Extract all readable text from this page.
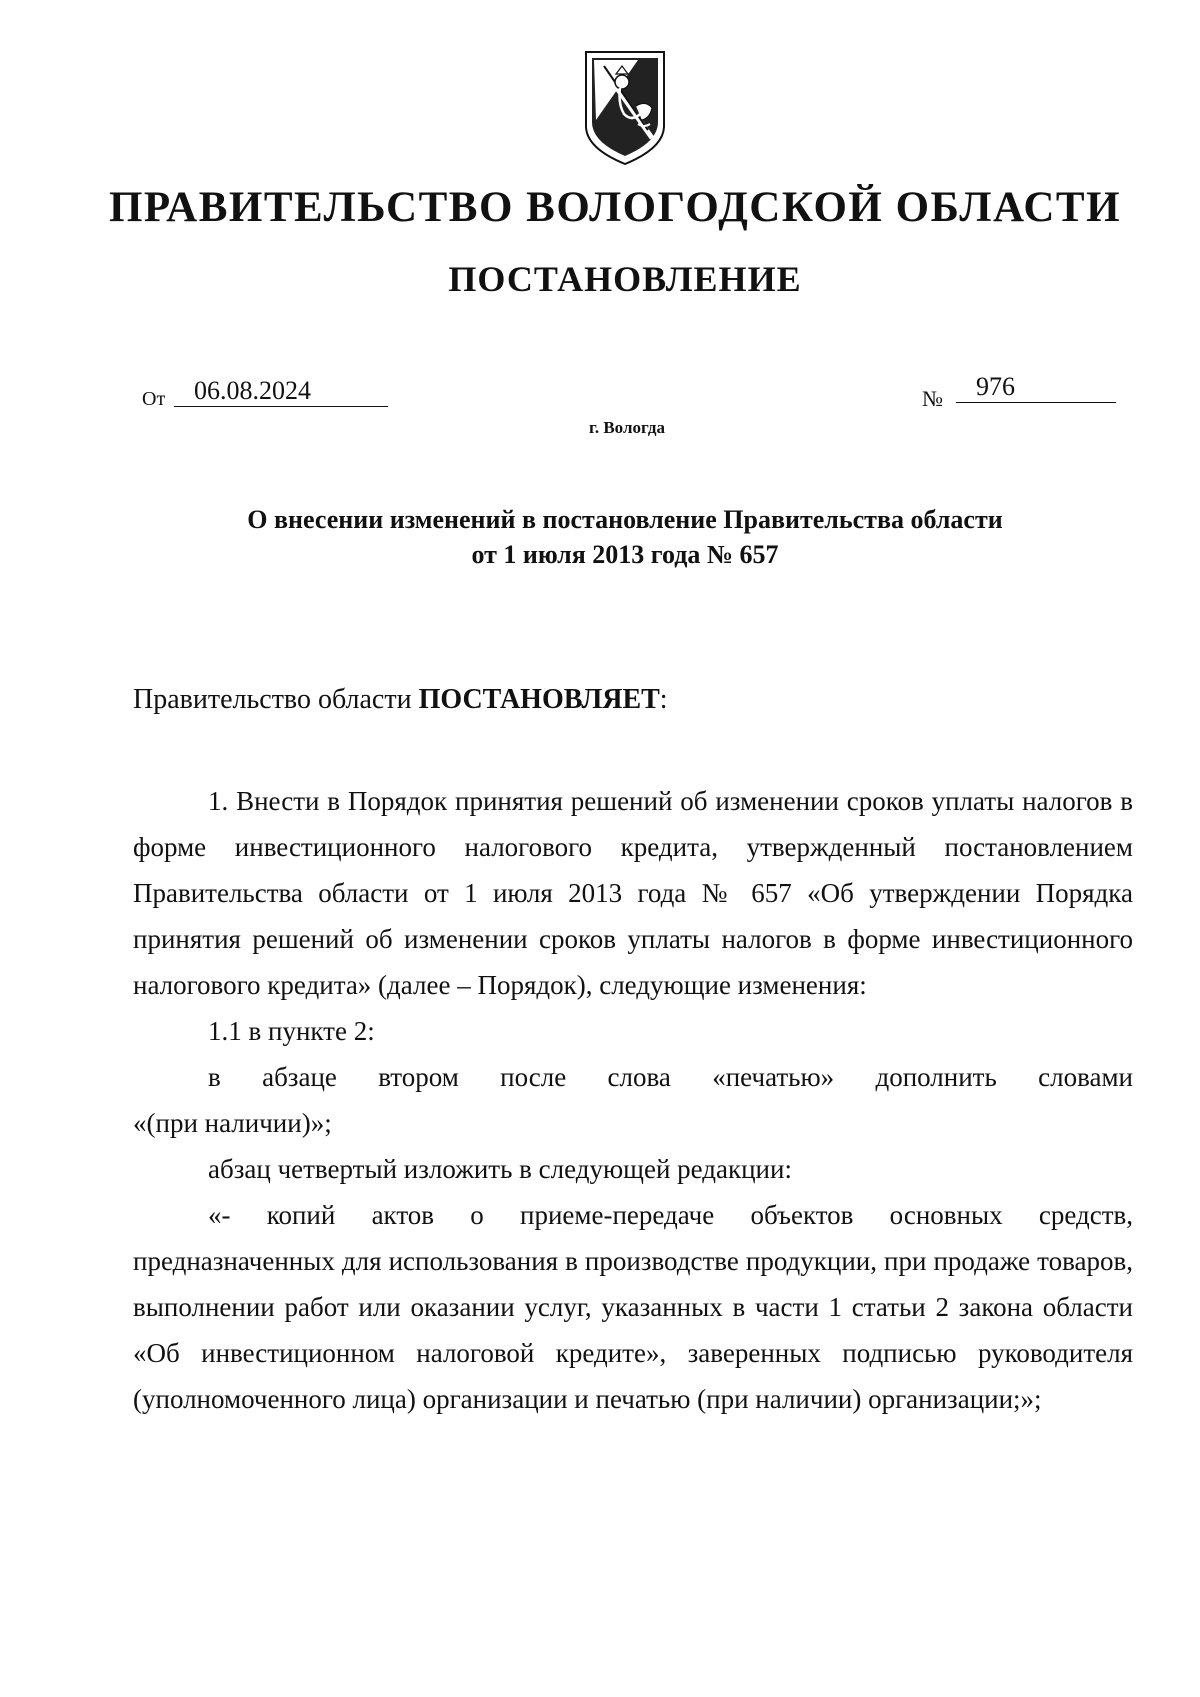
ПРАВИТЕЛЬСТВО ВОЛОГОДСКОЙ ОБЛАСТИ
ПОСТАНОВЛЕНИЕ
От	06.08.2024	№	976
г. Вологда
О внесении изменений в постановление Правительства области
от 1 июля 2013 года № 657
Правительство области ПОСТАНОВЛЯЕТ:

1. Внести в Порядок принятия решений об изменении сроков уплаты налогов в форме инвестиционного налогового кредита, утвержденный постановлением Правительства области от 1 июля 2013 года № 657 «Об утверждении Порядка принятия решений об изменении сроков уплаты налогов в форме инвестиционного налогового кредита» (далее – Порядок), следующие изменения:

1.1 в пункте 2:

в абзаце втором после слова «печатью» дополнить словами

«(при наличии)»;

абзац четвертый изложить в следующей редакции:

«- копий актов о приеме-передаче объектов основных средств, предназначенных для использования в производстве продукции, при продаже товаров, выполнении работ или оказании услуг, указанных в части 1 статьи 2 закона области «Об инвестиционном налоговой кредите», заверенных подписью руководителя (уполномоченного лица) организации и печатью (при наличии) организации;»;
